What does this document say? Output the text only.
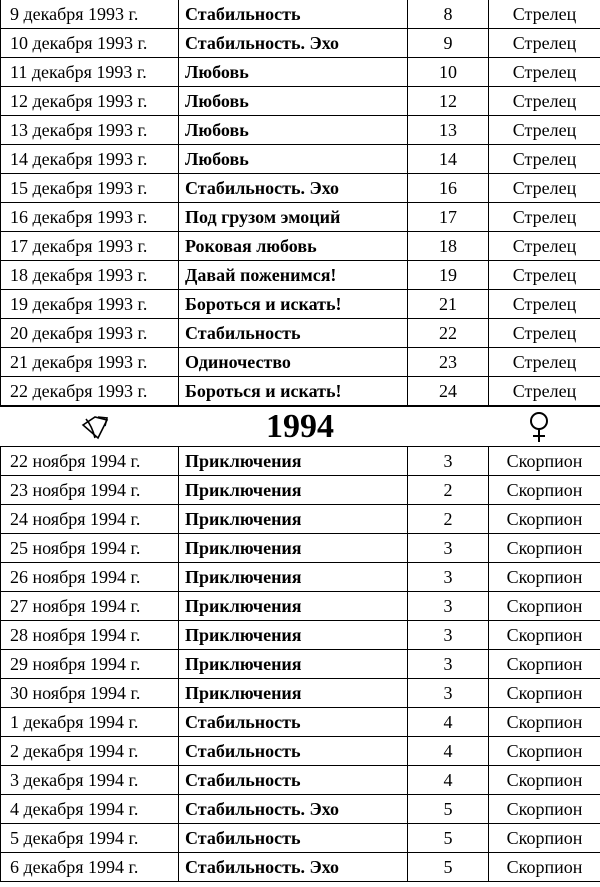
9 декабря 1993 г.	Стабильность	8	Стрелец
10 декабря 1993 г.	Стабильность. Эхо	9	Стрелец
11 декабря 1993 г.	Любовь	10	Стрелец
12 декабря 1993 г.	Любовь	12	Стрелец
13 декабря 1993 г.	Любовь	13	Стрелец
14 декабря 1993 г.	Любовь	14	Стрелец
15 декабря 1993 г.	Стабильность. Эхо	16	Стрелец
16 декабря 1993 г.	Под грузом эмоций	17	Стрелец
17 декабря 1993 г.	Роковая любовь	18	Стрелец
18 декабря 1993 г.	Давай поженимся!	19	Стрелец
19 декабря 1993 г.	Бороться и искать!	21	Стрелец
20 декабря 1993 г.	Стабильность	22	Стрелец
21 декабря 1993 г.	Одиночество	23	Стрелец
22 декабря 1993 г.	Бороться и искать!	24	Стрелец
1994
22 ноября 1994 г.	Приключения	3	Скорпион
23 ноября 1994 г.	Приключения	2	Скорпион
24 ноября 1994 г.	Приключения	2	Скорпион
25 ноября 1994 г.	Приключения	3	Скорпион
26 ноября 1994 г.	Приключения	3	Скорпион
27 ноября 1994 г.	Приключения	3	Скорпион
28 ноября 1994 г.	Приключения	3	Скорпион
29 ноября 1994 г.	Приключения	3	Скорпион
30 ноября 1994 г.	Приключения	3	Скорпион
1 декабря 1994 г.	Стабильность	4	Скорпион
2 декабря 1994 г.	Стабильность	4	Скорпион
3 декабря 1994 г.	Стабильность	4	Скорпион
4 декабря 1994 г.	Стабильность. Эхо	5	Скорпион
5 декабря 1994 г.	Стабильность	5	Скорпион
6 декабря 1994 г.	Стабильность. Эхо	5	Скорпион
